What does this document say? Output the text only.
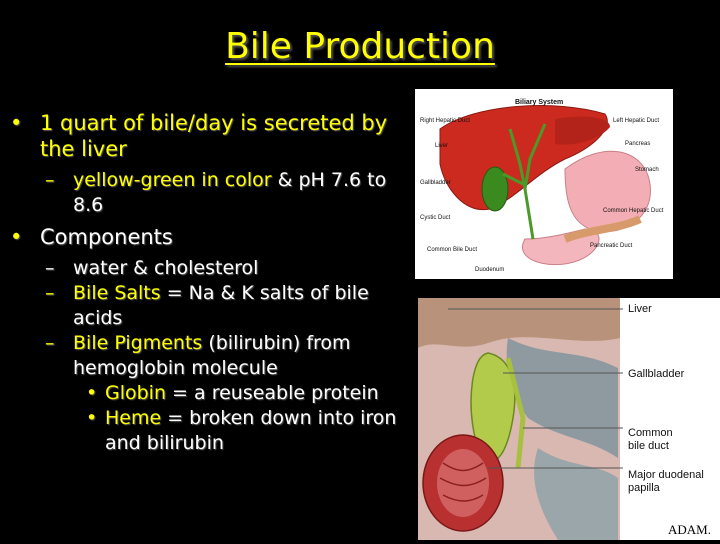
Bile Production
• 1 quart of bile/day is secreted by the liver
– yellow-green in color & pH 7.6 to 8.6
• Components
– water & cholesterol
– Bile Salts = Na & K salts of bile acids
– Bile Pigments (bilirubin) from hemoglobin molecule
• Globin = a reuseable protein
• Heme = broken down into iron and bilirubin
Biliary System
Right Hepatic Duct	Left Hepatic Duct
Liver	Pancreas
Stomach
Gallbladder
Cystic Duct
Common Hepatic Duct
Common Bile Duct
Pancreatic Duct
Duodenum
Liver
Gallbladder
Common
bile duct
Major duodenal
papilla
ADAM.
